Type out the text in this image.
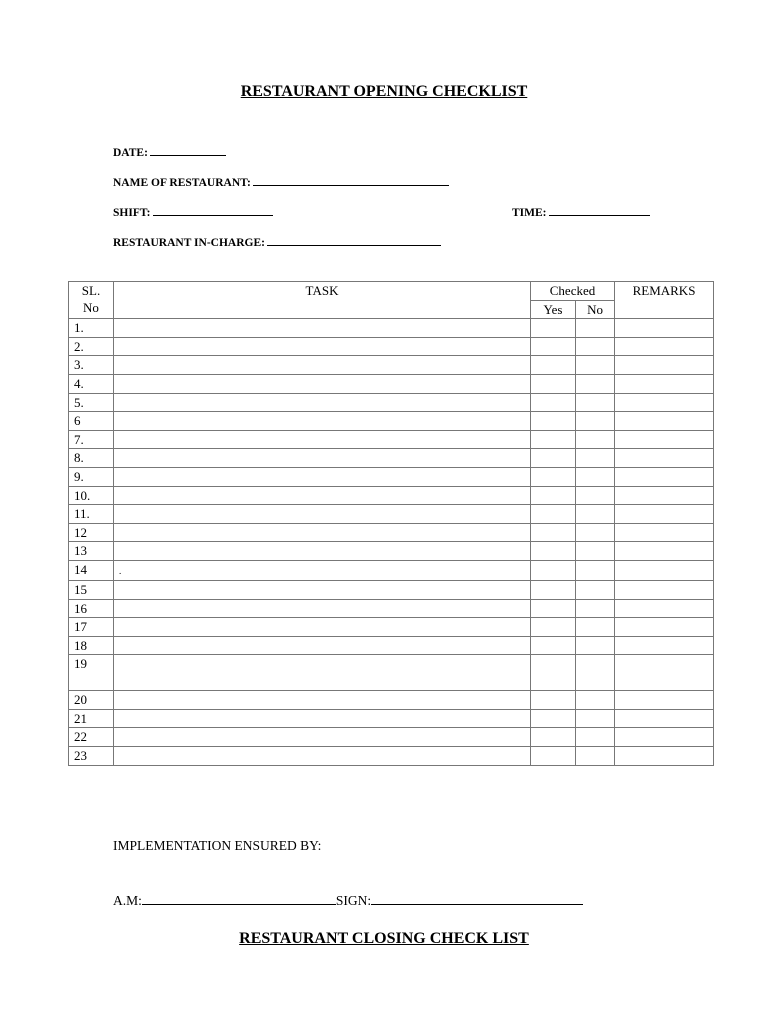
RESTAURANT OPENING CHECKLIST
DATE:
NAME OF RESTAURANT:
SHIFT:	TIME:
RESTAURANT IN-CHARGE:
SL.
No	TASK	Checked		REMARKS
		Yes	No	
1.				
2.				
3.				
4.				
5.				
6				
7.				
8.				
9.				
10.				
11.				
12				
13				
14	.			
15				
16				
17				
18				
19				
20				
21				
22				
23				
IMPLEMENTATION ENSURED BY:
A.M:	SIGN:
RESTAURANT CLOSING CHECK LIST
